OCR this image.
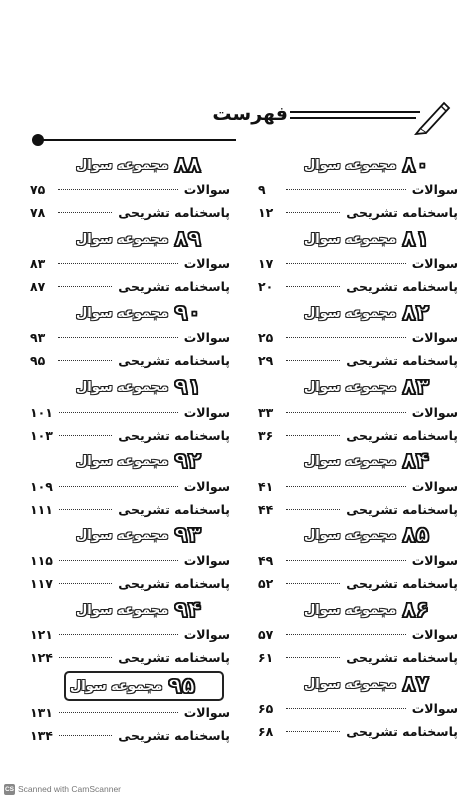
فهرست
۸۰
مجموعه سوال
سوالات
۹
پاسخنامه تشریحی
۱۲
۸۱
مجموعه سوال
سوالات
۱۷
پاسخنامه تشریحی
۲۰
۸۲
مجموعه سوال
سوالات
۲۵
پاسخنامه تشریحی
۲۹
۸۳
مجموعه سوال
سوالات
۳۳
پاسخنامه تشریحی
۳۶
۸۴
مجموعه سوال
سوالات
۴۱
پاسخنامه تشریحی
۴۴
۸۵
مجموعه سوال
سوالات
۴۹
پاسخنامه تشریحی
۵۲
۸۶
مجموعه سوال
سوالات
۵۷
پاسخنامه تشریحی
۶۱
۸۷
مجموعه سوال
سوالات
۶۵
پاسخنامه تشریحی
۶۸
۸۸
مجموعه سوال
سوالات
۷۵
پاسخنامه تشریحی
۷۸
۸۹
مجموعه سوال
سوالات
۸۳
پاسخنامه تشریحی
۸۷
۹۰
مجموعه سوال
سوالات
۹۳
پاسخنامه تشریحی
۹۵
۹۱
مجموعه سوال
سوالات
۱۰۱
پاسخنامه تشریحی
۱۰۳
۹۲
مجموعه سوال
سوالات
۱۰۹
پاسخنامه تشریحی
۱۱۱
۹۳
مجموعه سوال
سوالات
۱۱۵
پاسخنامه تشریحی
۱۱۷
۹۴
مجموعه سوال
سوالات
۱۲۱
پاسخنامه تشریحی
۱۲۴
۹۵
مجموعه سوال
سوالات
۱۳۱
پاسخنامه تشریحی
۱۳۴
CS Scanned with CamScanner
